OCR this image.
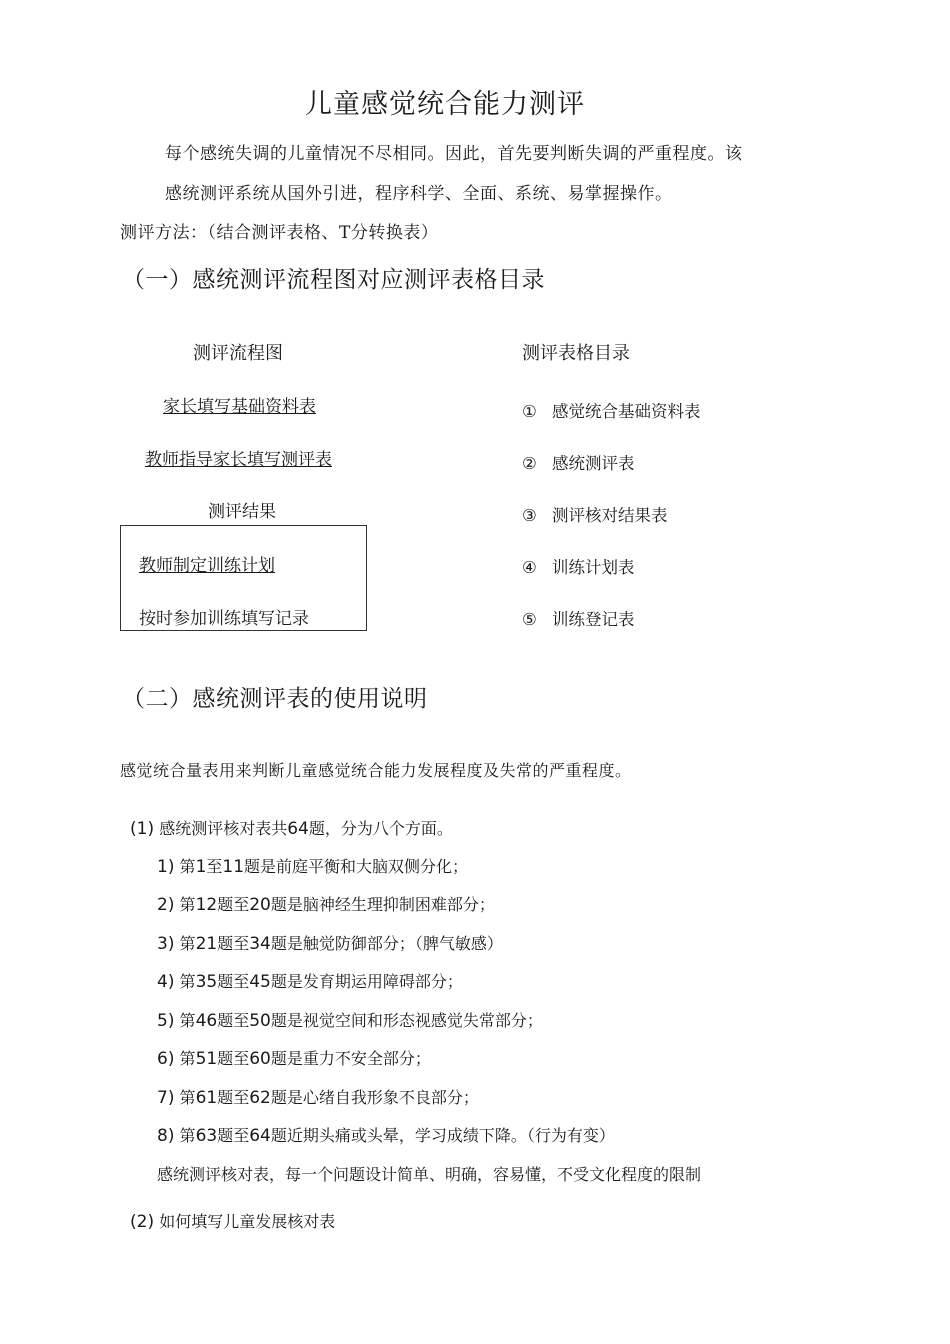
儿童感觉统合能力测评
每个感统失调的儿童情况不尽相同。因此，首先要判断失调的严重程度。该
感统测评系统从国外引进，程序科学、全面、系统、易掌握操作。
测评方法：（结合测评表格、T分转换表）
（一）感统测评流程图对应测评表格目录
测评流程图	测评表格目录
家长填写基础资料表
教师指导家长填写测评表
测评结果
教师制定训练计划
按时参加训练填写记录
① 感觉统合基础资料表
② 感统测评表
③ 测评核对结果表
④ 训练计划表
⑤ 训练登记表
（二）感统测评表的使用说明
感觉统合量表用来判断儿童感觉统合能力发展程度及失常的严重程度。
(1) 感统测评核对表共64题，分为八个方面。
1) 第1至11题是前庭平衡和大脑双侧分化；
2) 第12题至20题是脑神经生理抑制困难部分；
3) 第21题至34题是触觉防御部分；（脾气敏感）
4) 第35题至45题是发育期运用障碍部分；
5) 第46题至50题是视觉空间和形态视感觉失常部分；
6) 第51题至60题是重力不安全部分；
7) 第61题至62题是心绪自我形象不良部分；
8) 第63题至64题近期头痛或头晕，学习成绩下降。（行为有变）
感统测评核对表，每一个问题设计简单、明确，容易懂，不受文化程度的限制
(2) 如何填写儿童发展核对表
